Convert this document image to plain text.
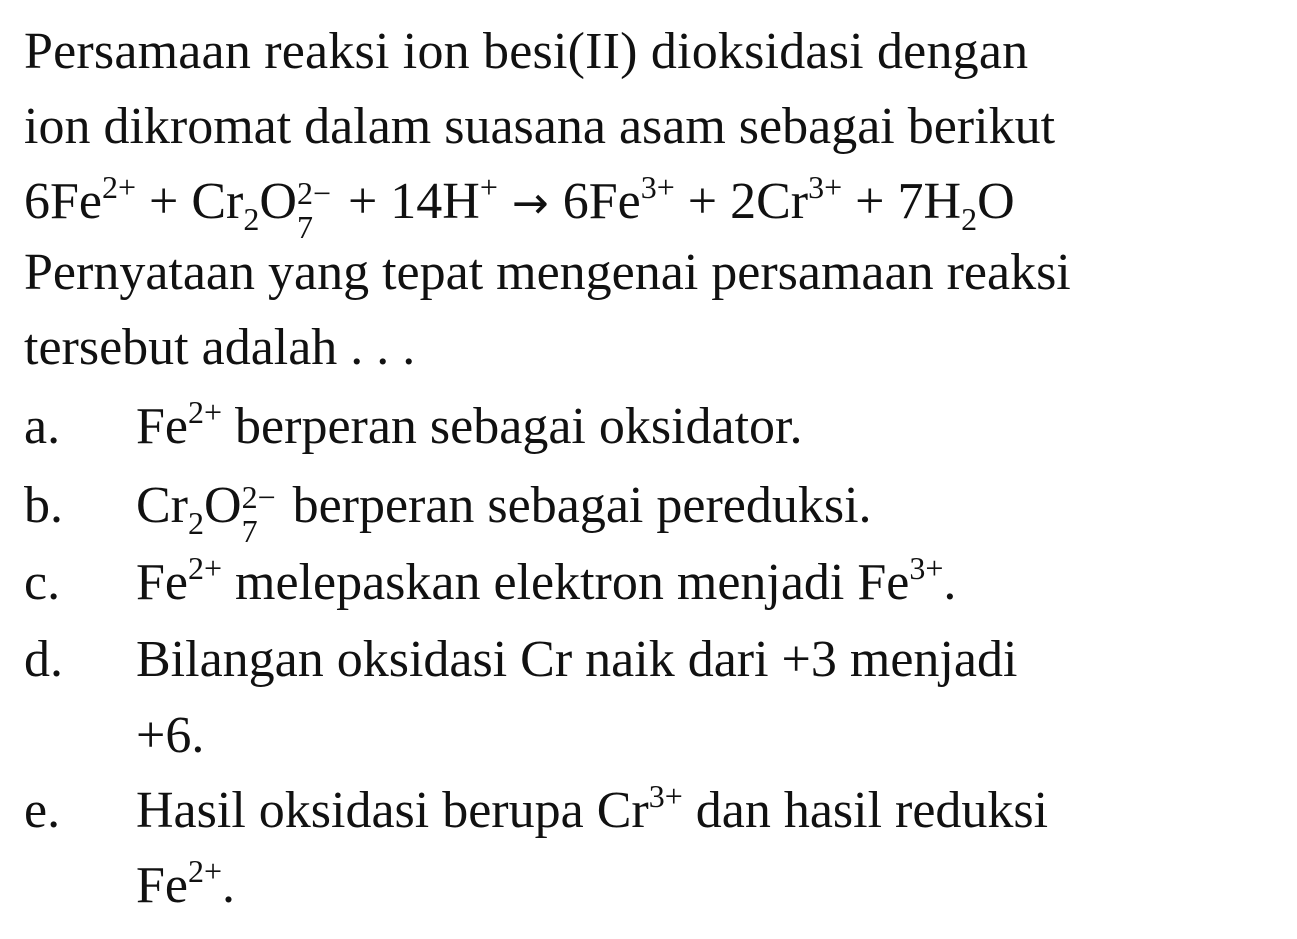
Persamaan reaksi ion besi(II) dioksidasi dengan
ion dikromat dalam suasana asam sebagai berikut
$6Fe^{2+} + Cr_2O$ 2−
$7 + 14H^+ \to 6Fe^{3+} + 2Cr^{3+} + 7H_2O$
Pernyataan yang tepat mengenai persamaan reaksi
tersebut adalah . . .
a. $Fe^{2+}$ berperan sebagai oksidator.
b. $Cr_2O$ 2−
7 berperan sebagai pereduksi.
c. $Fe^{2+}$ melepaskan elektron menjadi $Fe^{3+}$.
d. Bilangan oksidasi Cr naik dari +3 menjadi
+6.
e. Hasil oksidasi berupa $Cr^{3+}$ dan hasil reduksi
$Fe^{2+}$.
